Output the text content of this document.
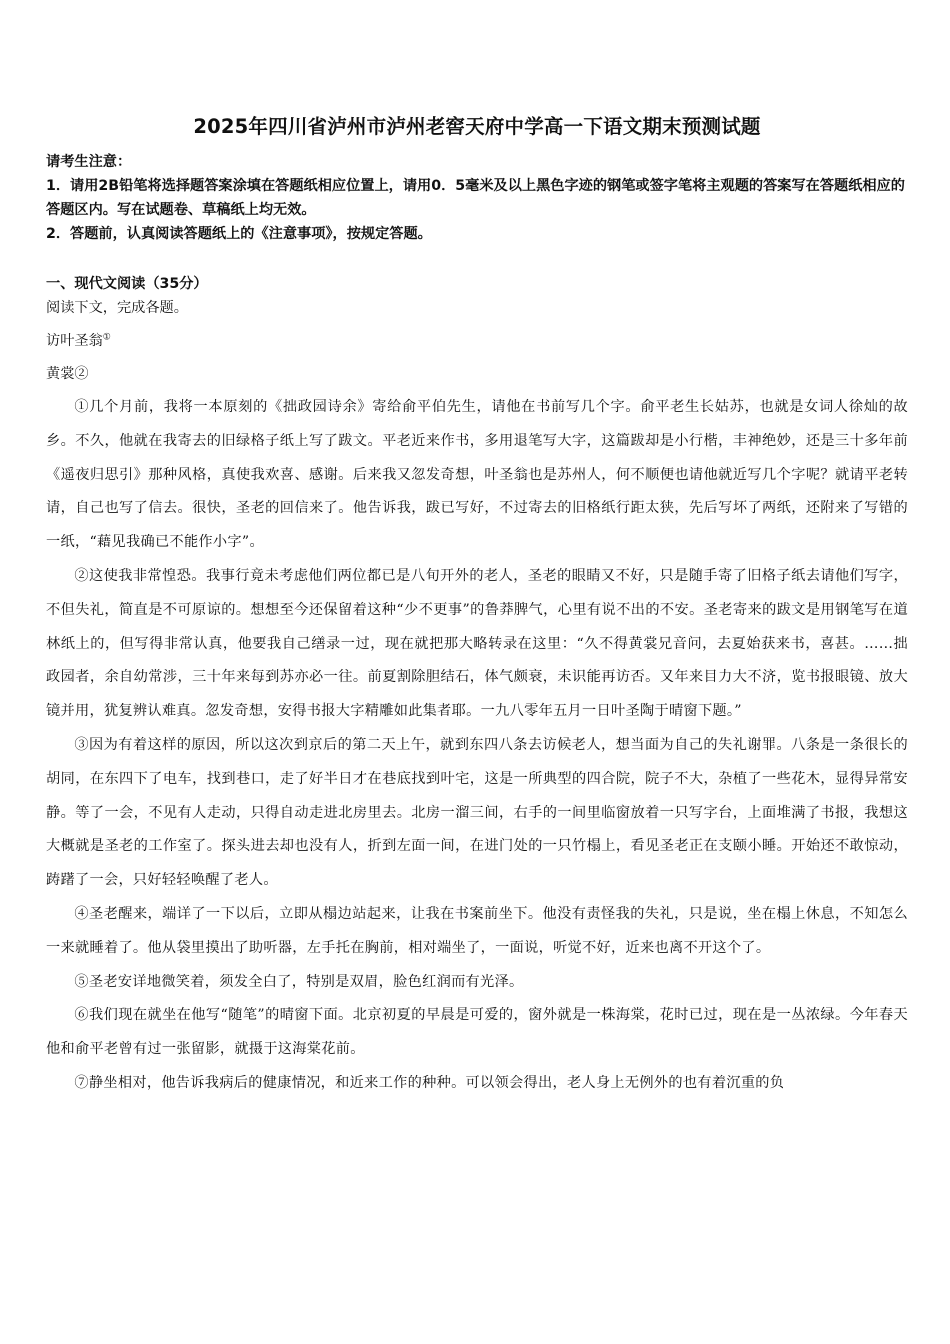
2025年四川省泸州市泸州老窖天府中学高一下语文期末预测试题

请考生注意：

1．请用2B铅笔将选择题答案涂填在答题纸相应位置上，请用0．5毫米及以上黑色字迹的钢笔或签字笔将主观题的答案写在答题纸相应的答题区内。写在试题卷、草稿纸上均无效。

2．答题前，认真阅读答题纸上的《注意事项》，按规定答题。

一、现代文阅读（35分）

阅读下文，完成各题。

访叶圣翁①

黄裳②

①几个月前，我将一本原刻的《拙政园诗余》寄给俞平伯先生，请他在书前写几个字。俞平老生长姑苏，也就是女词人徐灿的故乡。不久，他就在我寄去的旧绿格子纸上写了跋文。平老近来作书，多用退笔写大字，这篇跋却是小行楷，丰神绝妙，还是三十多年前《遥夜归思引》那种风格，真使我欢喜、感谢。后来我又忽发奇想，叶圣翁也是苏州人，何不顺便也请他就近写几个字呢？就请平老转请，自己也写了信去。很快，圣老的回信来了。他告诉我，跋已写好，不过寄去的旧格纸行距太狭，先后写坏了两纸，还附来了写错的一纸，“藉见我确已不能作小字”。

②这使我非常惶恐。我事行竟未考虑他们两位都已是八旬开外的老人，圣老的眼睛又不好，只是随手寄了旧格子纸去请他们写字，不但失礼，简直是不可原谅的。想想至今还保留着这种“少不更事”的鲁莽脾气，心里有说不出的不安。圣老寄来的跋文是用钢笔写在道林纸上的，但写得非常认真，他要我自己缮录一过，现在就把那大略转录在这里：“久不得黄裳兄音问，去夏始获来书，喜甚。……拙政园者，余自幼常涉，三十年来每到苏亦必一往。前夏割除胆结石，体气颇衰，未识能再访否。又年来目力大不济，览书报眼镜、放大镜并用，犹复辨认难真。忽发奇想，安得书报大字精雕如此集者耶。一九八零年五月一日叶圣陶于晴窗下题。”

③因为有着这样的原因，所以这次到京后的第二天上午，就到东四八条去访候老人，想当面为自己的失礼谢罪。八条是一条很长的胡同，在东四下了电车，找到巷口，走了好半日才在巷底找到叶宅，这是一所典型的四合院，院子不大，杂植了一些花木，显得异常安静。等了一会，不见有人走动，只得自动走进北房里去。北房一溜三间，右手的一间里临窗放着一只写字台，上面堆满了书报，我想这大概就是圣老的工作室了。探头进去却也没有人，折到左面一间，在进门处的一只竹榻上，看见圣老正在支颐小睡。开始还不敢惊动，踌躇了一会，只好轻轻唤醒了老人。

④圣老醒来，端详了一下以后，立即从榻边站起来，让我在书案前坐下。他没有责怪我的失礼，只是说，坐在榻上休息，不知怎么一来就睡着了。他从袋里摸出了助听器，左手托在胸前，相对端坐了，一面说，听觉不好，近来也离不开这个了。

⑤圣老安详地微笑着，须发全白了，特别是双眉，脸色红润而有光泽。

⑥我们现在就坐在他写“随笔”的晴窗下面。北京初夏的早晨是可爱的，窗外就是一株海棠，花时已过，现在是一丛浓绿。今年春天他和俞平老曾有过一张留影，就摄于这海棠花前。

⑦静坐相对，他告诉我病后的健康情况，和近来工作的种种。可以领会得出，老人身上无例外的也有着沉重的负
